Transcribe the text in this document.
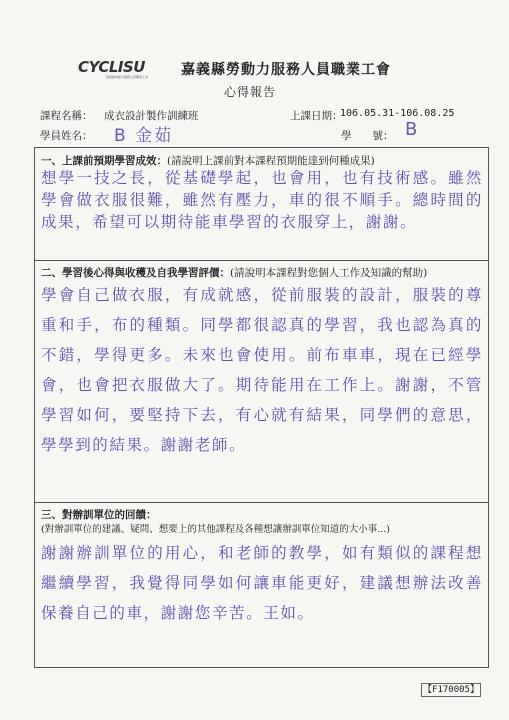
CYCLISU
嘉義縣勞動力服務人員職業工會 嘉義縣勞動力服務人員職業工會
心得報告
課程名稱： 成衣設計製作訓練班	上課日期：
106.05.31-106.08.25
學員姓名： B 金茹	學　　號： B
一、上課前預期學習成效：(請說明上課前對本課程預期能達到何種成果)
想學一技之長，從基礎學起，也會用，也有技術感。雖然學會做衣服很難，雖然有壓力，車的很不順手。總時間的成果，希望可以期待能車學習的衣服穿上，謝謝。
二、學習後心得與收穫及自我學習評價：(請說明本課程對您個人工作及知識的幫助)
學會自己做衣服，有成就感，從前服裝的設計，服裝的尊重和手，布的種類。同學都很認真的學習，我也認為真的不錯，學得更多。未來也會使用。前布車車，現在已經學會，也會把衣服做大了。期待能用在工作上。謝謝，不管學習如何，要堅持下去，有心就有結果，同學們的意思，學學到的結果。謝謝老師。
三、對辦訓單位的回饋：
(對辦訓單位的建議、疑問、想要上的其他課程及各種想讓辦訓單位知道的大小事...)
謝謝辦訓單位的用心，和老師的教學，如有類似的課程想繼續學習，我覺得同學如何讓車能更好，建議想辦法改善保養自己的車，謝謝您辛苦。王如。
【F170005】
